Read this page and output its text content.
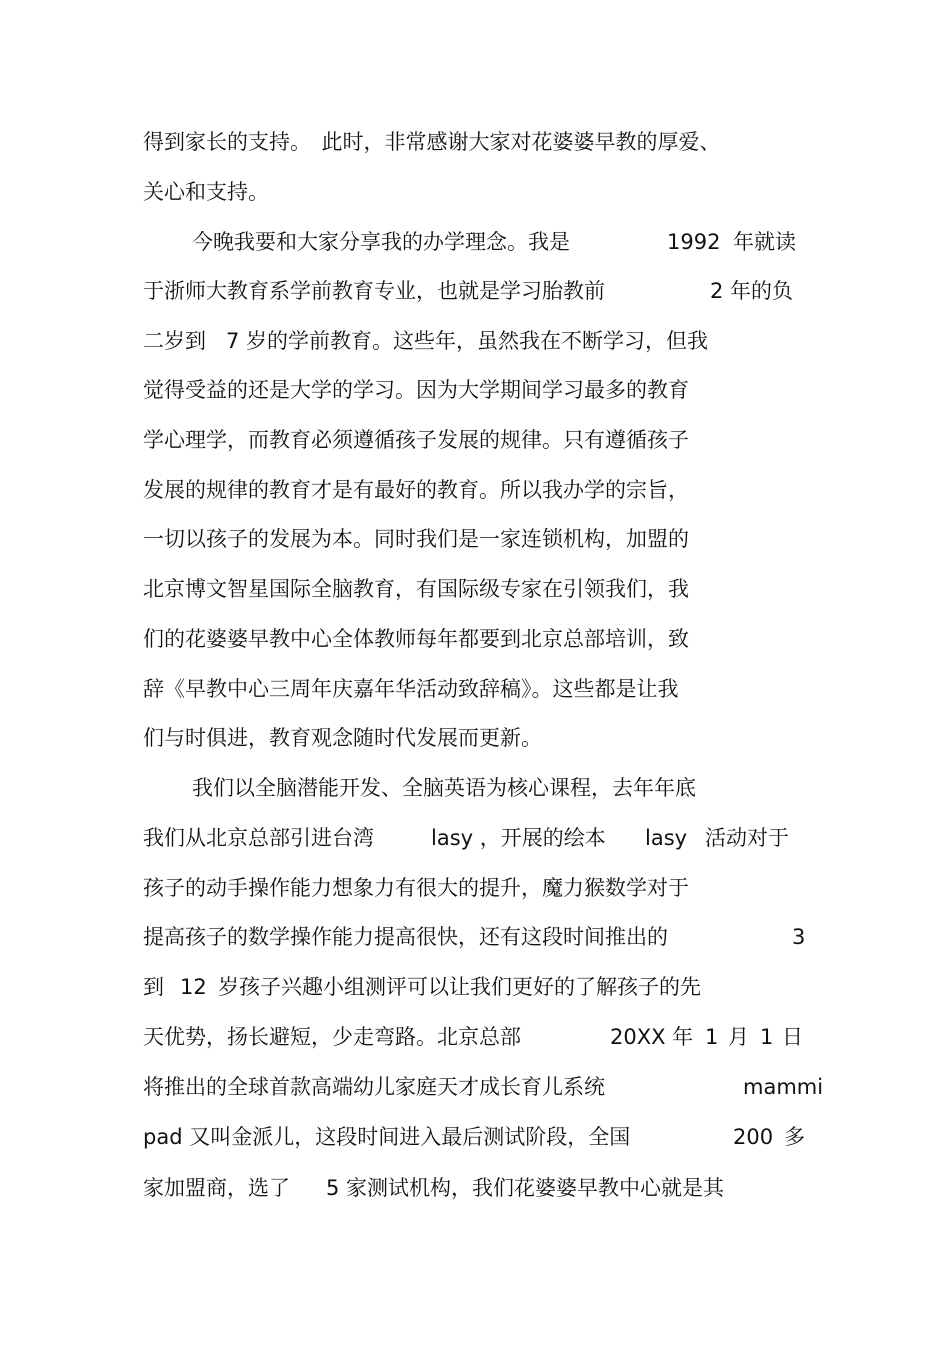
得到家长的支持。　此时，非常感谢大家对花婆婆早教的厚爱、
关心和支持。
今晚我要和大家分享我的办学理念。我是	1992 年就读
于浙师大教育系学前教育专业，也就是学习胎教前	2 年的负
二岁到 7 岁的学前教育。这些年，虽然我在不断学习，但我
觉得受益的还是大学的学习。因为大学期间学习最多的教育
学心理学，而教育必须遵循孩子发展的规律。只有遵循孩子
发展的规律的教育才是有最好的教育。所以我办学的宗旨，
一切以孩子的发展为本。同时我们是一家连锁机构，加盟的
北京博文智星国际全脑教育，有国际级专家在引领我们，我
们的花婆婆早教中心全体教师每年都要到北京总部培训，致
辞《早教中心三周年庆嘉年华活动致辞稿》。这些都是让我
们与时俱进，教育观念随时代发展而更新。
我们以全脑潜能开发、全脑英语为核心课程，去年年底
我们从北京总部引进台湾	lasy ，开展的绘本 lasy 活动对于
孩子的动手操作能力想象力有很大的提升，魔力猴数学对于
提高孩子的数学操作能力提高很快，还有这段时间推出的	3
到 12 岁孩子兴趣小组测评可以让我们更好的了解孩子的先
天优势，扬长避短，少走弯路。北京总部	20XX 年 1 月 1 日
将推出的全球首款高端幼儿家庭天才成长育儿系统	mammi
pad 又叫金派儿，这段时间进入最后测试阶段，全国	200 多
家加盟商，选了 5 家测试机构，我们花婆婆早教中心就是其
